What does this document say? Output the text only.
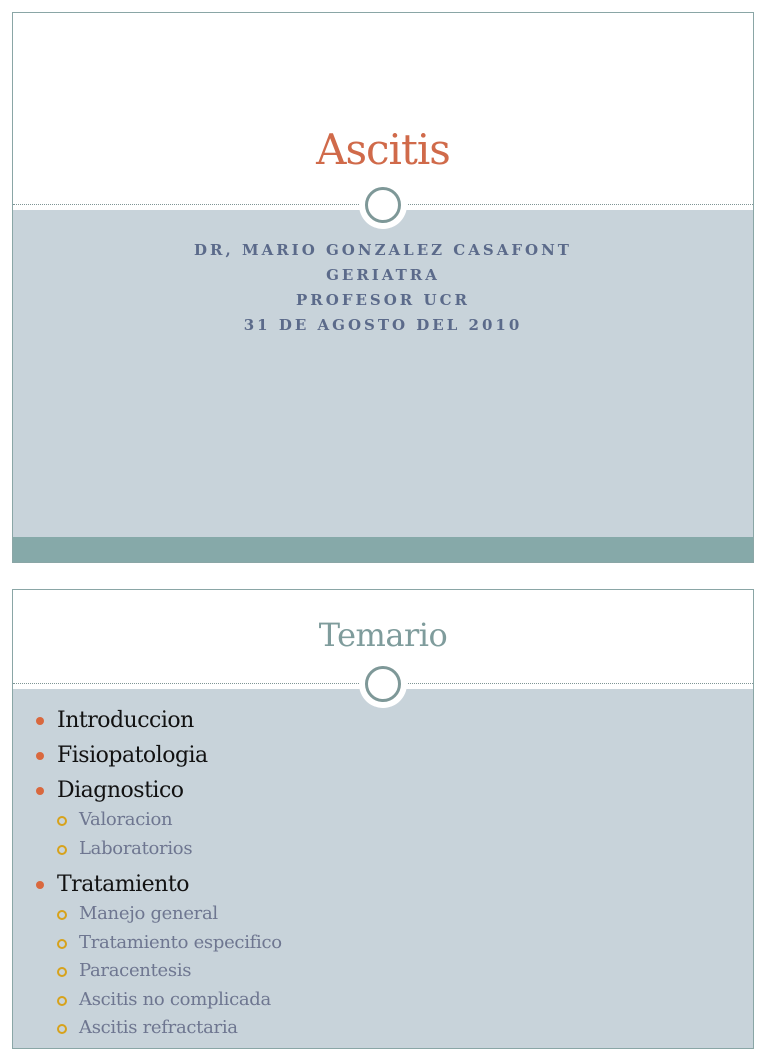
Ascitis
DR, MARIO GONZALEZ CASAFONT
GERIATRA
PROFESOR UCR
31 DE AGOSTO DEL 2010
Temario
Introduccion
Fisiopatologia
Diagnostico
Valoracion
Laboratorios
Tratamiento
Manejo general
Tratamiento especifico
Paracentesis
Ascitis no complicada
Ascitis refractaria
